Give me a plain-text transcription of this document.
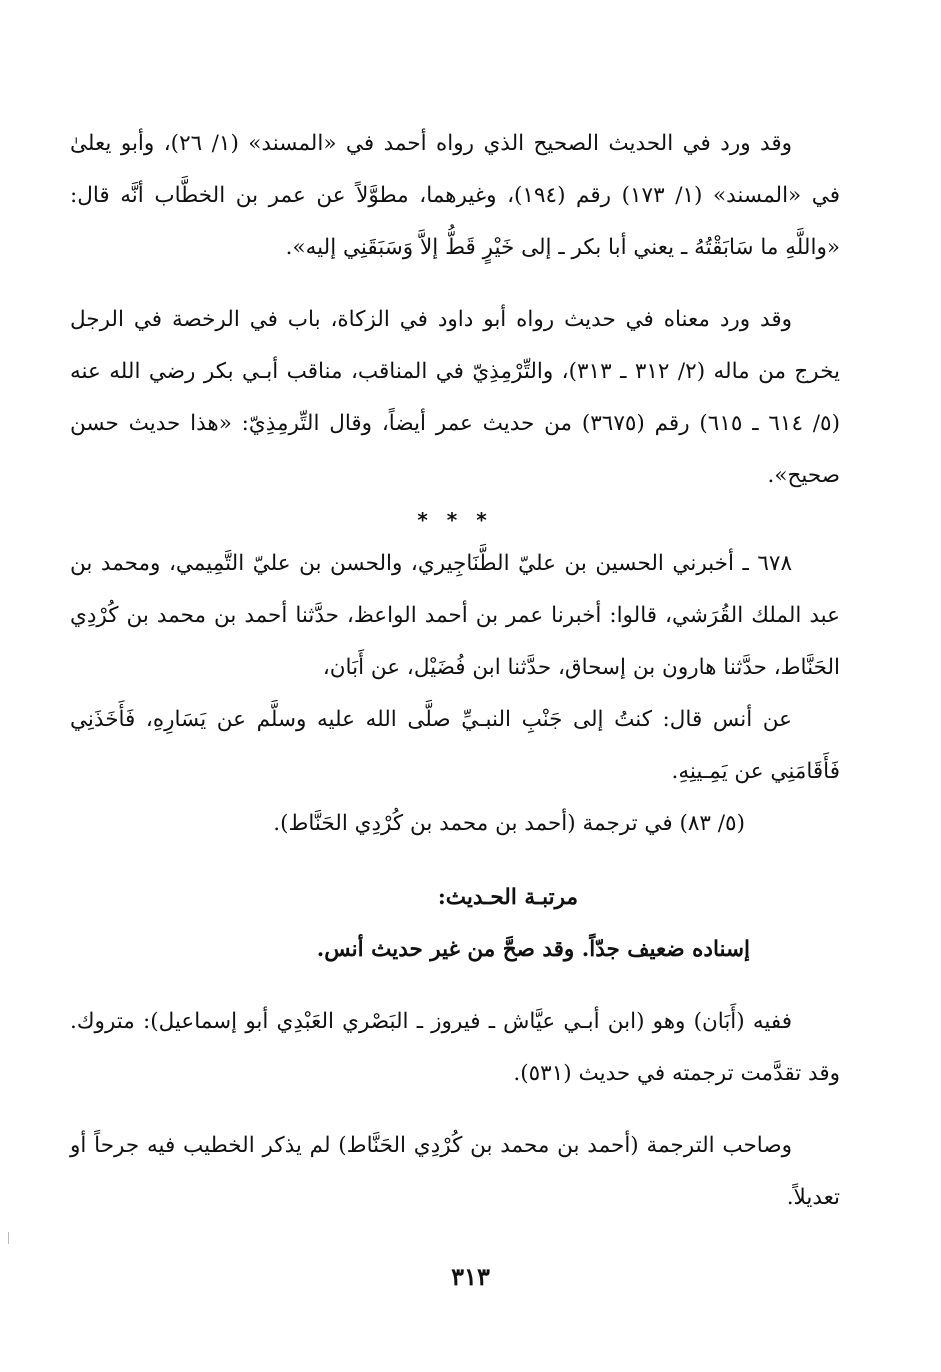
وقد ورد في الحديث الصحيح الذي رواه أحمد في «المسند» (١/ ٢٦)، وأبو يعلىٰ في «المسند» (١/ ١٧٣) رقم (١٩٤)، وغيرهما، مطوَّلاً عن عمر بن الخطَّاب أنَّه قال: «واللَّهِ ما سَابَقْتُهُ ـ يعني أبا بكر ـ إلى خَيْرٍ قَطُّ إلاَّ وَسَبَقَنِي إليه».

وقد ورد معناه في حديث رواه أبو داود في الزكاة، باب في الرخصة في الرجل يخرج من ماله (٢/ ٣١٢ ـ ٣١٣)، والتِّرْمِذِيّ في المناقب، مناقب أبـي بكر رضي الله عنه (٥/ ٦١٤ ـ ٦١٥) رقم (٣٦٧٥) من حديث عمر أيضاً، وقال التِّرمِذِيّ: «هذا حديث حسن صحيح».

* * *

٦٧٨ ـ أخبرني الحسين بن عليّ الطَّنَاجِيري، والحسن بن عليّ التَّمِيمي، ومحمد بن عبد الملك القُرَشي، قالوا: أخبرنا عمر بن أحمد الواعظ، حدَّثنا أحمد بن محمد بن كُرْدِي الحَنَّاط، حدَّثنا هارون بن إسحاق، حدَّثنا ابن فُضَيْل، عن أَبَان،

عن أنس قال: كنتُ إلى جَنْبِ النبـيِّ صلَّى الله عليه وسلَّم عن يَسَارِهِ، فَأَخَذَنِي فَأَقَامَنِي عن يَمِـينِهِ.

(٥/ ٨٣) في ترجمة (أحمد بن محمد بن كُرْدِي الحَنَّاط).

مرتبـة الحـديث:

إسناده ضعيف جدّاً. وقد صحَّ من غير حديث أنس.

ففيه (أَبَان) وهو (ابن أبـي عيَّاش ـ فيروز ـ البَصْري العَبْدِي أبو إسماعيل): متروك. وقد تقدَّمت ترجمته في حديث (٥٣١).

وصاحب الترجمة (أحمد بن محمد بن كُرْدِي الحَنَّاط) لم يذكر الخطيب فيه جرحاً أو تعديلاً.

٣١٣
